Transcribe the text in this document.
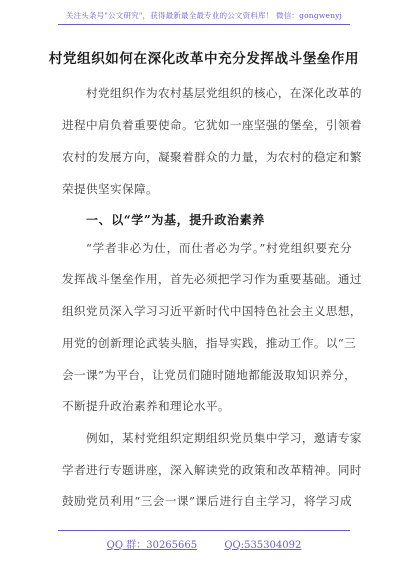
关注头条号"公文研究"，获得最新最全最专业的公文资料库！ 微信：gongwenyj
村党组织如何在深化改革中充分发挥战斗堡垒作用
村党组织作为农村基层党组织的核心，在深化改革的
进程中肩负着重要使命。它犹如一座坚强的堡垒，引领着
农村的发展方向，凝聚着群众的力量，为农村的稳定和繁
荣提供坚实保障。
一、以“学”为基，提升政治素养
“学者非必为仕，而仕者必为学。”村党组织要充分
发挥战斗堡垒作用，首先必须把学习作为重要基础。通过
组织党员深入学习习近平新时代中国特色社会主义思想，
用党的创新理论武装头脑，指导实践，推动工作。以“三
会一课”为平台，让党员们随时随地都能汲取知识养分，
不断提升政治素养和理论水平。
例如，某村党组织定期组织党员集中学习，邀请专家
学者进行专题讲座，深入解读党的政策和改革精神。同时
鼓励党员利用“三会一课”课后进行自主学习，将学习成
QQ 群：30265665	QQ:535304092
